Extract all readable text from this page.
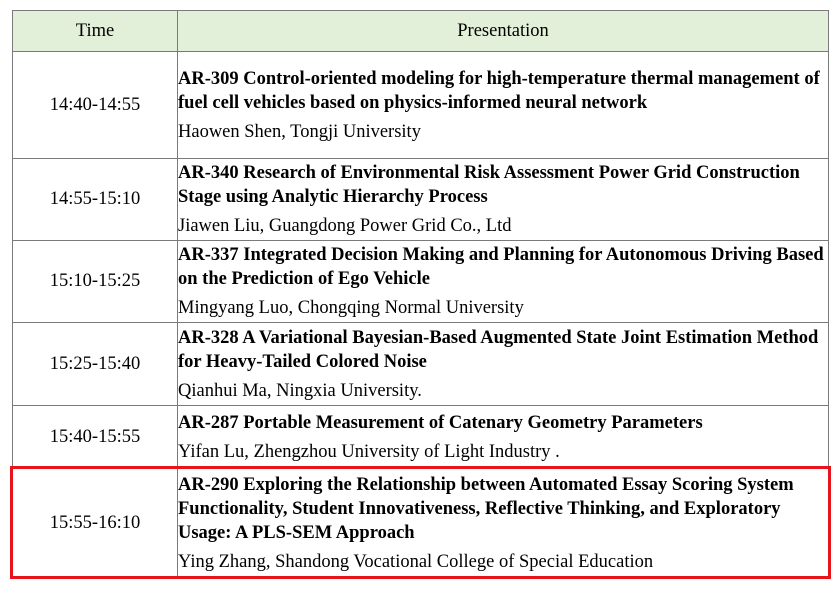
Time	Presentation
14:40-14:55	AR-309 Control-oriented modeling for high-temperature thermal management of fuel cell vehicles based on physics-informed neural network
Haowen Shen, Tongji University

14:55-15:10	AR-340 Research of Environmental Risk Assessment Power Grid Construction Stage using Analytic Hierarchy Process
Jiawen Liu, Guangdong Power Grid Co., Ltd

15:10-15:25	AR-337 Integrated Decision Making and Planning for Autonomous Driving Based on the Prediction of Ego Vehicle
Mingyang Luo, Chongqing Normal University

15:25-15:40	AR-328 A Variational Bayesian-Based Augmented State Joint Estimation Method for Heavy-Tailed Colored Noise
Qianhui Ma, Ningxia University.

15:40-15:55	AR-287 Portable Measurement of Catenary Geometry Parameters
Yifan Lu, Zhengzhou University of Light Industry .

15:55-16:10	AR-290 Exploring the Relationship between Automated Essay Scoring System Functionality, Student Innovativeness, Reflective Thinking, and Exploratory Usage: A PLS-SEM Approach
Ying Zhang, Shandong Vocational College of Special Education
